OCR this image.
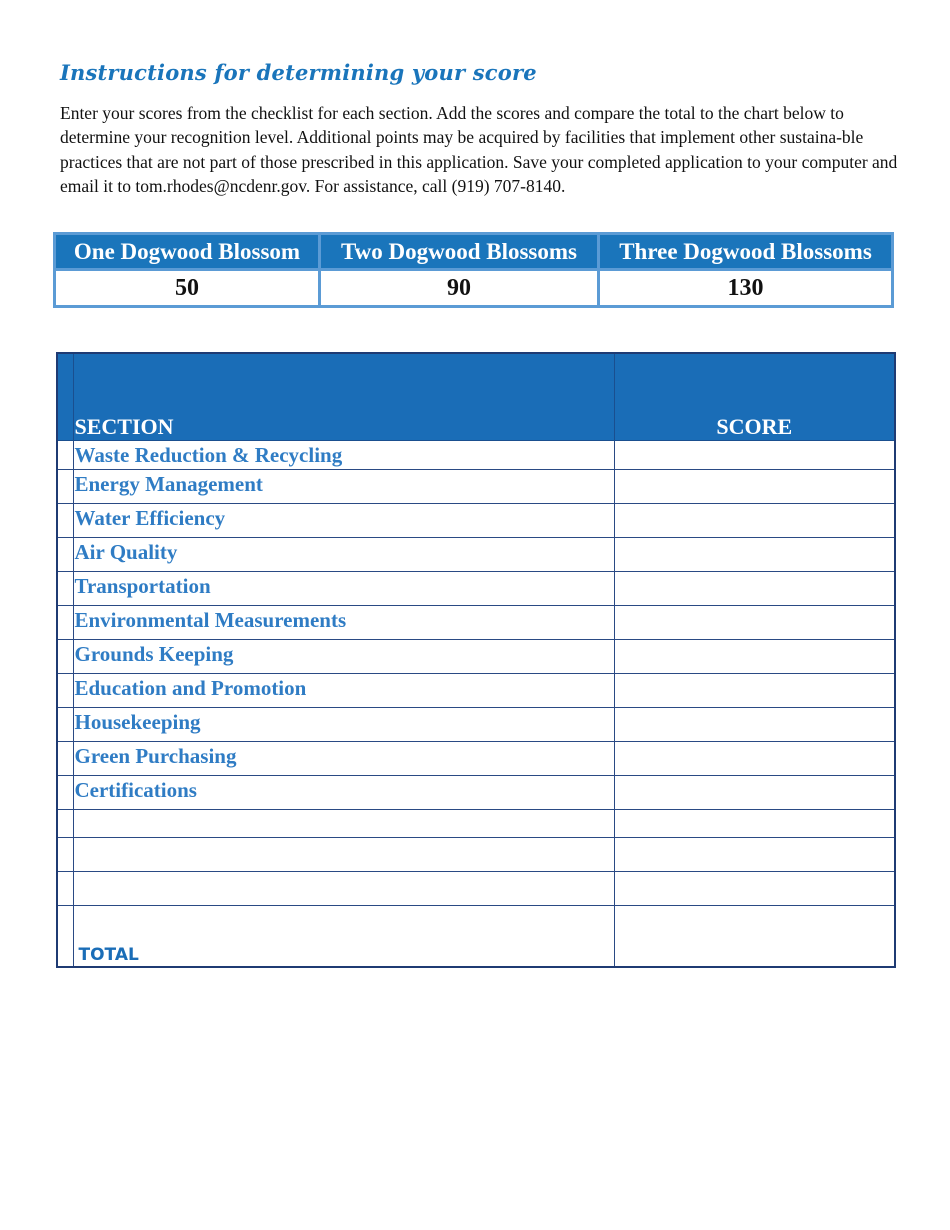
Instructions for determining your score

Enter your scores from the checklist for each section. Add the scores and compare the total to the chart below to determine your recognition level. Additional points may be acquired by facilities that implement other sustaina-ble practices that are not part of those prescribed in this application. Save your completed application to your computer and email it to tom.rhodes@ncdenr.gov. For assistance, call (919) 707-8140.

One Dogwood Blossom	Two Dogwood Blossoms	Three Dogwood Blossoms
50	90	130
	SECTION	SCORE
	Waste Reduction & Recycling	
	Energy Management	
	Water Efficiency	
	Air Quality	
	Transportation	
	Environmental Measurements	
	Grounds Keeping	
	Education and Promotion	
	Housekeeping	
	Green Purchasing	
	Certifications	

	TOTAL	
